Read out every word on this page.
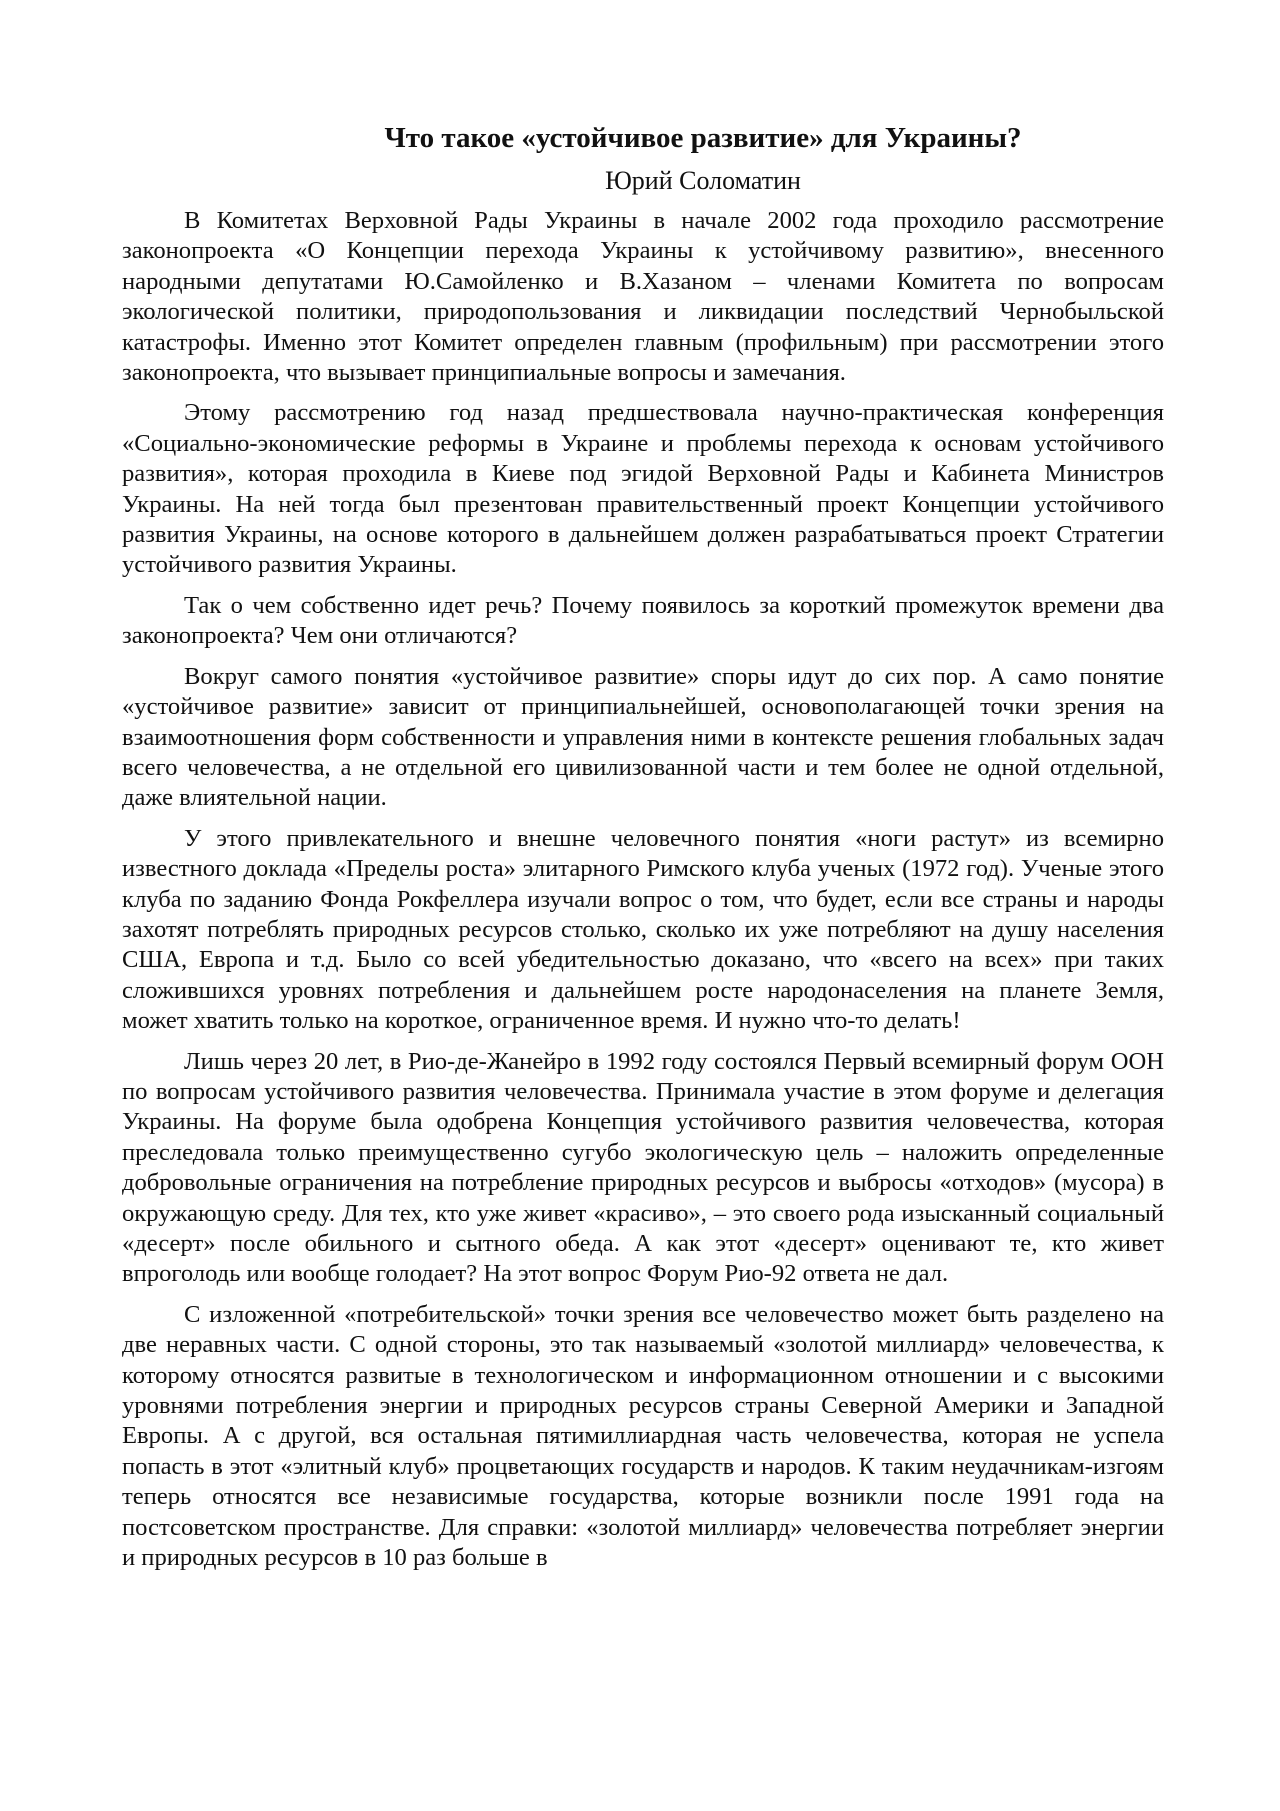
Что такое «устойчивое развитие» для Украины?
Юрий Соломатин

В Комитетах Верховной Рады Украины в начале 2002 года проходило рассмотрение законопроекта «О Концепции перехода Украины к устойчивому развитию», внесенного народными депутатами Ю.Самойленко и В.Хазаном – членами Комитета по вопросам экологической политики, природопользования и ликвидации последствий Чернобыльской катастрофы. Именно этот Комитет определен главным (профильным) при рассмотрении этого законопроекта, что вызывает принципиальные вопросы и замечания.

Этому рассмотрению год назад предшествовала научно-практическая конференция «Социально-экономические реформы в Украине и проблемы перехода к основам устойчивого развития», которая проходила в Киеве под эгидой Верховной Рады и Кабинета Министров Украины. На ней тогда был презентован правительственный проект Концепции устойчивого развития Украины, на основе которого в дальнейшем должен разрабатываться проект Стратегии устойчивого развития Украины.

Так о чем собственно идет речь? Почему появилось за короткий промежуток времени два законопроекта? Чем они отличаются?

Вокруг самого понятия «устойчивое развитие» споры идут до сих пор. А само понятие «устойчивое развитие» зависит от принципиальнейшей, основополагающей точки зрения на взаимоотношения форм собственности и управления ними в контексте решения глобальных задач всего человечества, а не отдельной его цивилизованной части и тем более не одной отдельной, даже влиятельной нации.

У этого привлекательного и внешне человечного понятия «ноги растут» из всемирно известного доклада «Пределы роста» элитарного Римского клуба ученых (1972 год). Ученые этого клуба по заданию Фонда Рокфеллера изучали вопрос о том, что будет, если все страны и народы захотят потреблять природных ресурсов столько, сколько их уже потребляют на душу населения США, Европа и т.д. Было со всей убедительностью доказано, что «всего на всех» при таких сложившихся уровнях потребления и дальнейшем росте народонаселения на планете Земля, может хватить только на короткое, ограниченное время. И нужно что-то делать!

Лишь через 20 лет, в Рио-де-Жанейро в 1992 году состоялся Первый всемирный форум ООН по вопросам устойчивого развития человечества. Принимала участие в этом форуме и делегация Украины. На форуме была одобрена Концепция устойчивого развития человечества, которая преследовала только преимущественно сугубо экологическую цель – наложить определенные добровольные ограничения на потребление природных ресурсов и выбросы «отходов» (мусора) в окружающую среду. Для тех, кто уже живет «красиво», – это своего рода изысканный социальный «десерт» после обильного и сытного обеда. А как этот «десерт» оценивают те, кто живет впроголодь или вообще голодает? На этот вопрос Форум Рио-92 ответа не дал.

С изложенной «потребительской» точки зрения все человечество может быть разделено на две неравных части. С одной стороны, это так называемый «золотой миллиард» человечества, к которому относятся развитые в технологическом и информационном отношении и с высокими уровнями потребления энергии и природных ресурсов страны Северной Америки и Западной Европы. А с другой, вся остальная пятимиллиардная часть человечества, которая не успела попасть в этот «элитный клуб» процветающих государств и народов. К таким неудачникам-изгоям теперь относятся все независимые государства, которые возникли после 1991 года на постсоветском пространстве. Для справки: «золотой миллиард» человечества потребляет энергии и природных ресурсов в 10 раз больше в
